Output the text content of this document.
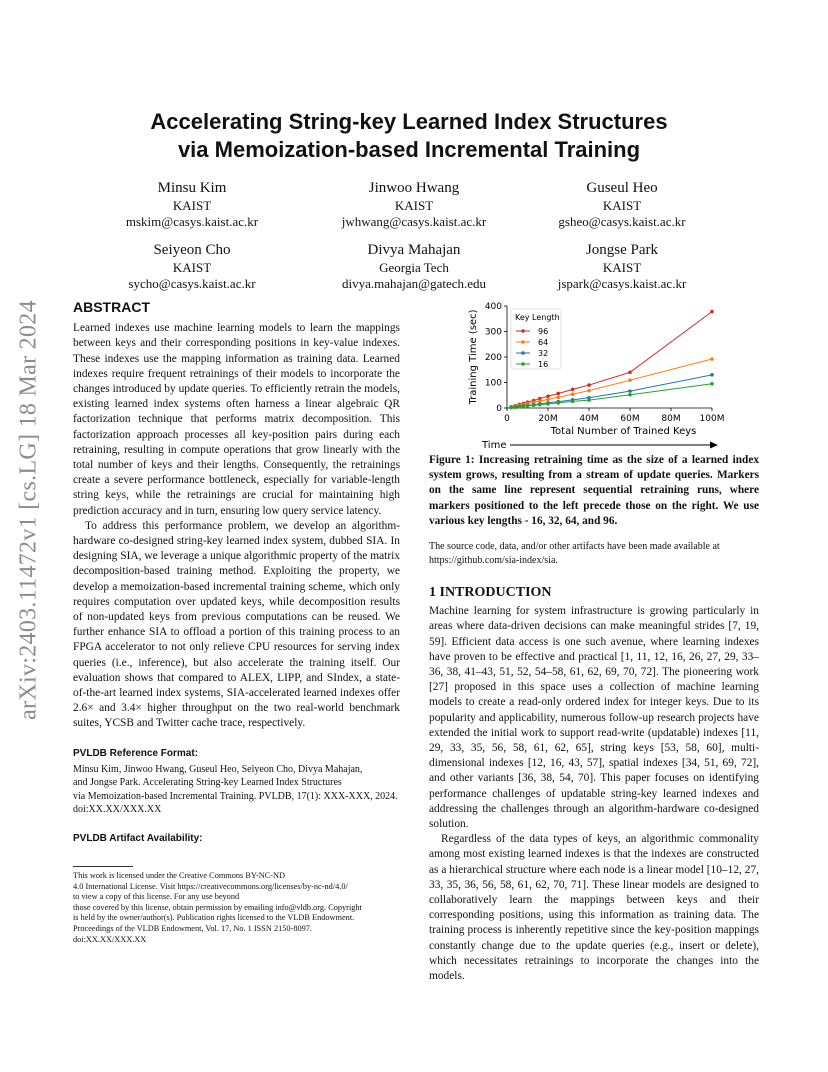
arXiv:2403.11472v1 [cs.LG] 18 Mar 2024
Accelerating String-key Learned Index Structures
via Memoization-based Incremental Training
Minsu Kim
KAIST
mskim@casys.kaist.ac.kr
Jinwoo Hwang
KAIST
jwhwang@casys.kaist.ac.kr
Guseul Heo
KAIST
gsheo@casys.kaist.ac.kr
Seiyeon Cho
KAIST
sycho@casys.kaist.ac.kr
Divya Mahajan
Georgia Tech
divya.mahajan@gatech.edu
Jongse Park
KAIST
jspark@casys.kaist.ac.kr
ABSTRACT

Learned indexes use machine learning models to learn the mappings between keys and their corresponding positions in key-value indexes. These indexes use the mapping information as training data. Learned indexes require frequent retrainings of their models to incorporate the changes introduced by update queries. To efficiently retrain the models, existing learned index systems often harness a linear algebraic QR factorization technique that performs matrix decomposition. This factorization approach processes all key-position pairs during each retraining, resulting in compute operations that grow linearly with the total number of keys and their lengths. Consequently, the retrainings create a severe performance bottleneck, especially for variable-length string keys, while the retrainings are crucial for maintaining high prediction accuracy and in turn, ensuring low query service latency.

To address this performance problem, we develop an algorithm-hardware co-designed string-key learned index system, dubbed SIA. In designing SIA, we leverage a unique algorithmic property of the matrix decomposition-based training method. Exploiting the property, we develop a memoization-based incremental training scheme, which only requires computation over updated keys, while decomposition results of non-updated keys from previous computations can be reused. We further enhance SIA to offload a portion of this training process to an FPGA accelerator to not only relieve CPU resources for serving index queries (i.e., inference), but also accelerate the training itself. Our evaluation shows that compared to ALEX, LIPP, and SIndex, a state-of-the-art learned index systems, SIA-accelerated learned indexes offer 2.6× and 3.4× higher throughput on the two real-world benchmark suites, YCSB and Twitter cache trace, respectively.

PVLDB Reference Format:
Minsu Kim, Jinwoo Hwang, Guseul Heo, Seiyeon Cho, Divya Mahajan,
and Jongse Park. Accelerating String-key Learned Index Structures
via Memoization-based Incremental Training. PVLDB, 17(1): XXX-XXX, 2024.
doi:XX.XX/XXX.XX
PVLDB Artifact Availability:
This work is licensed under the Creative Commons BY-NC-ND
4.0 International License. Visit https://creativecommons.org/licenses/by-nc-nd/4.0/
to view a copy of this license. For any use beyond
those covered by this license, obtain permission by emailing info@vldb.org. Copyright
is held by the owner/author(s). Publication rights licensed to the VLDB Endowment.
Proceedings of the VLDB Endowment, Vol. 17, No. 1 ISSN 2150-8097.
doi:XX.XX/XXX.XX
0
100
200
300
400
0	20M 40M 60M 80M 100M
Total Number of Trained Keys
Training Time (sec)
Time
Key Length
96
64
32
16
Figure 1: Increasing retraining time as the size of a learned index system grows, resulting from a stream of update queries. Markers on the same line represent sequential retraining runs, where markers positioned to the left precede those on the right. We use various key lengths - 16, 32, 64, and 96.
The source code, data, and/or other artifacts have been made available at
https://github.com/sia-index/sia.
1 INTRODUCTION

Machine learning for system infrastructure is growing particularly in areas where data-driven decisions can make meaningful strides [7, 19, 59]. Efficient data access is one such avenue, where learning indexes have proven to be effective and practical [1, 11, 12, 16, 26, 27, 29, 33–36, 38, 41–43, 51, 52, 54–58, 61, 62, 69, 70, 72]. The pioneering work [27] proposed in this space uses a collection of machine learning models to create a read-only ordered index for integer keys. Due to its popularity and applicability, numerous follow-up research projects have extended the initial work to support read-write (updatable) indexes [11, 29, 33, 35, 56, 58, 61, 62, 65], string keys [53, 58, 60], multi-dimensional indexes [12, 16, 43, 57], spatial indexes [34, 51, 69, 72], and other variants [36, 38, 54, 70]. This paper focuses on identifying performance challenges of updatable string-key learned indexes and addressing the challenges through an algorithm-hardware co-designed solution.

Regardless of the data types of keys, an algorithmic commonality among most existing learned indexes is that the indexes are constructed as a hierarchical structure where each node is a linear model [10–12, 27, 33, 35, 36, 56, 58, 61, 62, 70, 71]. These linear models are designed to collaboratively learn the mappings between keys and their corresponding positions, using this information as training data. The training process is inherently repetitive since the key-position mappings constantly change due to the update queries (e.g., insert or delete), which necessitates retrainings to incorporate the changes into the models.
